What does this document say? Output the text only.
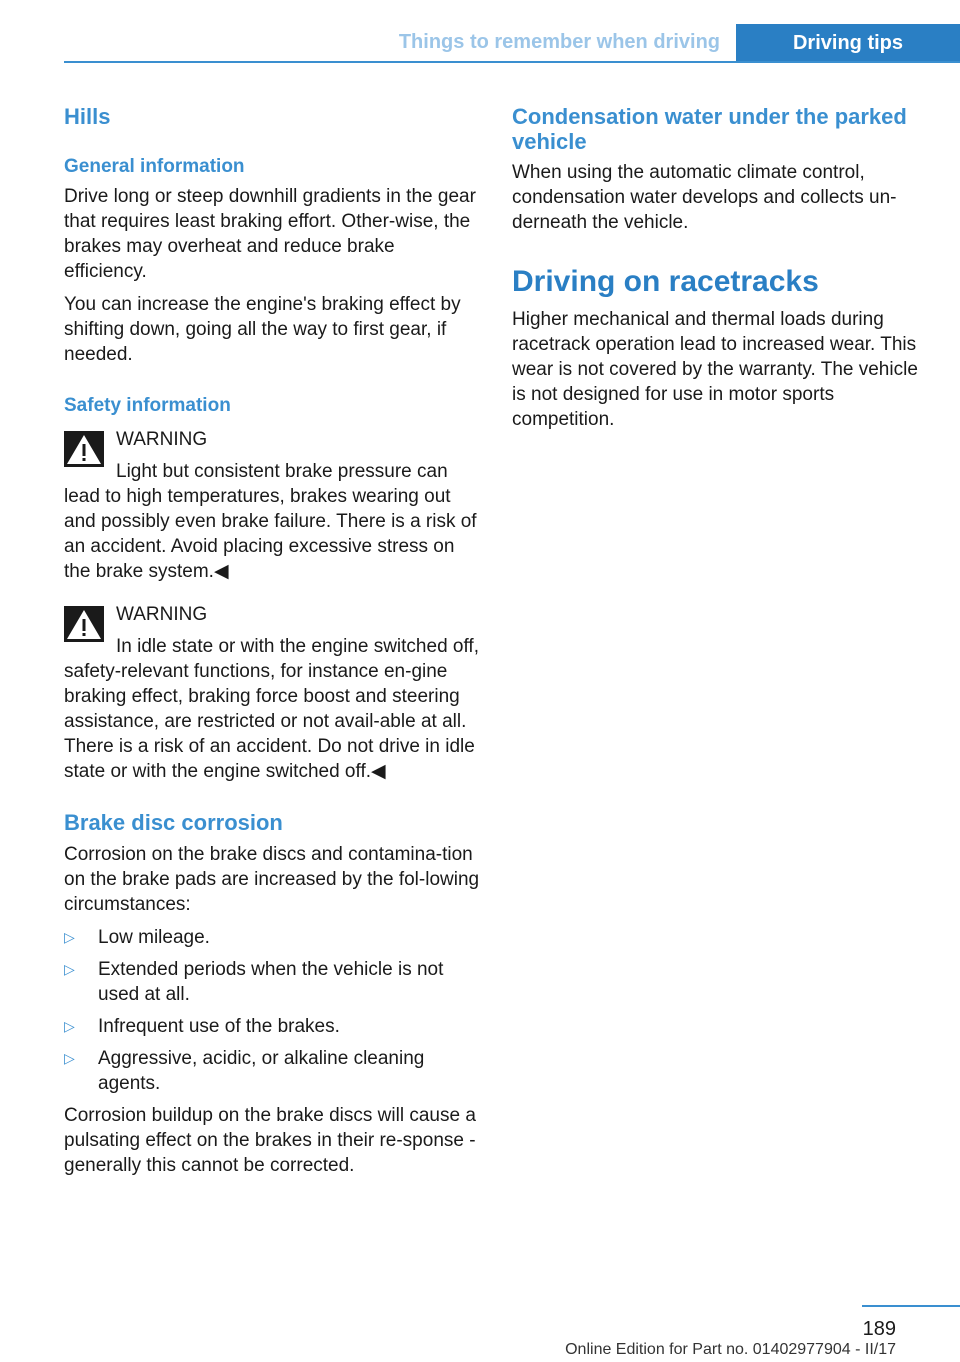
Things to remember when driving	Driving tips
Hills
General information

Drive long or steep downhill gradients in the gear that requires least braking effort. Other‐wise, the brakes may overheat and reduce brake efficiency.

You can increase the engine's braking effect by shifting down, going all the way to first gear, if needed.

Safety information
WARNING

Light but consistent brake pressure can lead to high temperatures, brakes wearing out and possibly even brake failure. There is a risk of an accident. Avoid placing excessive stress on the brake system.◀

WARNING

In idle state or with the engine switched off, safety-relevant functions, for instance en‐gine braking effect, braking force boost and steering assistance, are restricted or not avail‐able at all. There is a risk of an accident. Do not drive in idle state or with the engine switched off.◀

Brake disc corrosion

Corrosion on the brake discs and contamina‐tion on the brake pads are increased by the fol‐lowing circumstances:

▷ Low mileage.
▷ Extended periods when the vehicle is not used at all.
▷ Infrequent use of the brakes.
▷ Aggressive, acidic, or alkaline cleaning agents.

Corrosion buildup on the brake discs will cause a pulsating effect on the brakes in their re‐sponse - generally this cannot be corrected.

Condensation water under the parked vehicle

When using the automatic climate control, condensation water develops and collects un‐derneath the vehicle.

Driving on racetracks

Higher mechanical and thermal loads during racetrack operation lead to increased wear. This wear is not covered by the warranty. The vehicle is not designed for use in motor sports competition.

189
Online Edition for Part no. 01402977904 - II/17
